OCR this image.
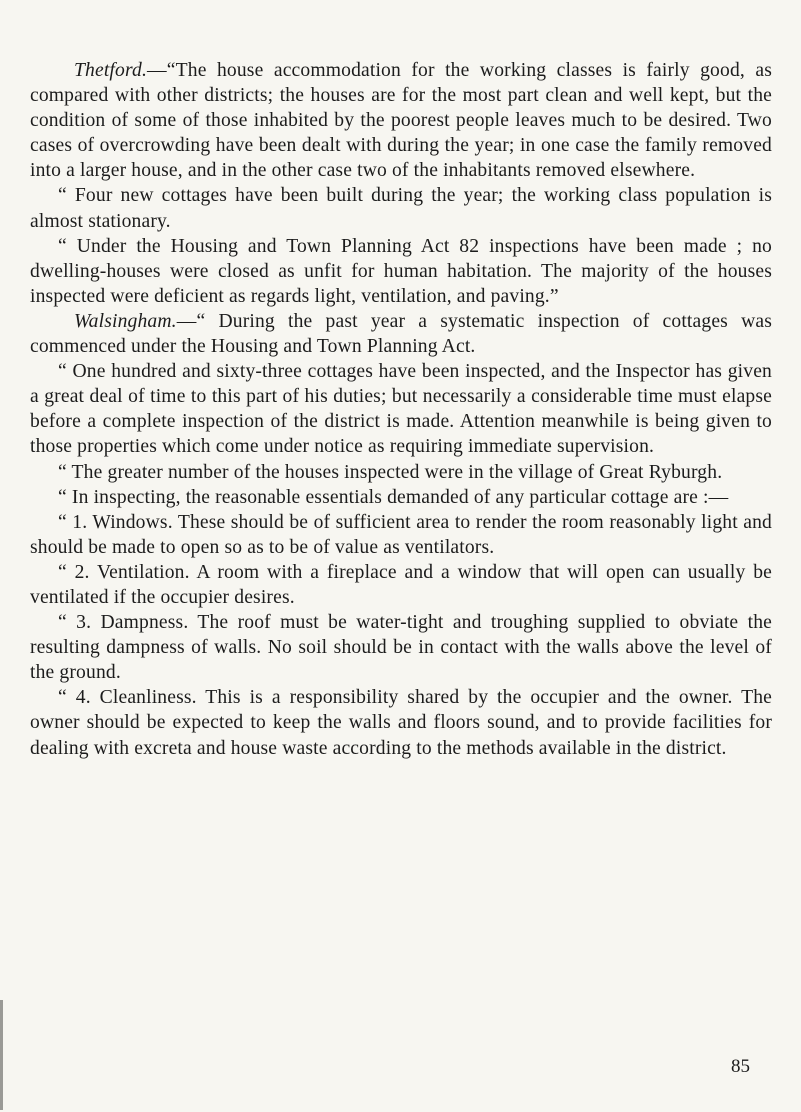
Thetford.—“The house accommodation for the working classes is fairly good, as compared with other districts; the houses are for the most part clean and well kept, but the condition of some of those inhabited by the poorest people leaves much to be desired. Two cases of overcrowding have been dealt with during the year; in one case the family removed into a larger house, and in the other case two of the inhabitants removed elsewhere.

“ Four new cottages have been built during the year; the working class population is almost stationary.

“ Under the Housing and Town Planning Act 82 inspections have been made ; no dwelling-houses were closed as unfit for human habitation. The majority of the houses inspected were deficient as regards light, ventilation, and paving.”

Walsingham.—“ During the past year a systematic inspection of cottages was commenced under the Housing and Town Planning Act.

“ One hundred and sixty-three cottages have been inspected, and the Inspector has given a great deal of time to this part of his duties; but necessarily a considerable time must elapse before a complete inspection of the district is made. Attention meanwhile is being given to those properties which come under notice as requiring immediate supervision.

“ The greater number of the houses inspected were in the village of Great Ryburgh.

“ In inspecting, the reasonable essentials demanded of any particular cottage are :—

“ 1. Windows. These should be of sufficient area to render the room reasonably light and should be made to open so as to be of value as ventilators.

“ 2. Ventilation. A room with a fireplace and a window that will open can usually be ventilated if the occupier desires.

“ 3. Dampness. The roof must be water-tight and troughing supplied to obviate the resulting dampness of walls. No soil should be in contact with the walls above the level of the ground.

“ 4. Cleanliness. This is a responsibility shared by the occupier and the owner. The owner should be expected to keep the walls and floors sound, and to provide facilities for dealing with excreta and house waste according to the methods available in the district.

85
